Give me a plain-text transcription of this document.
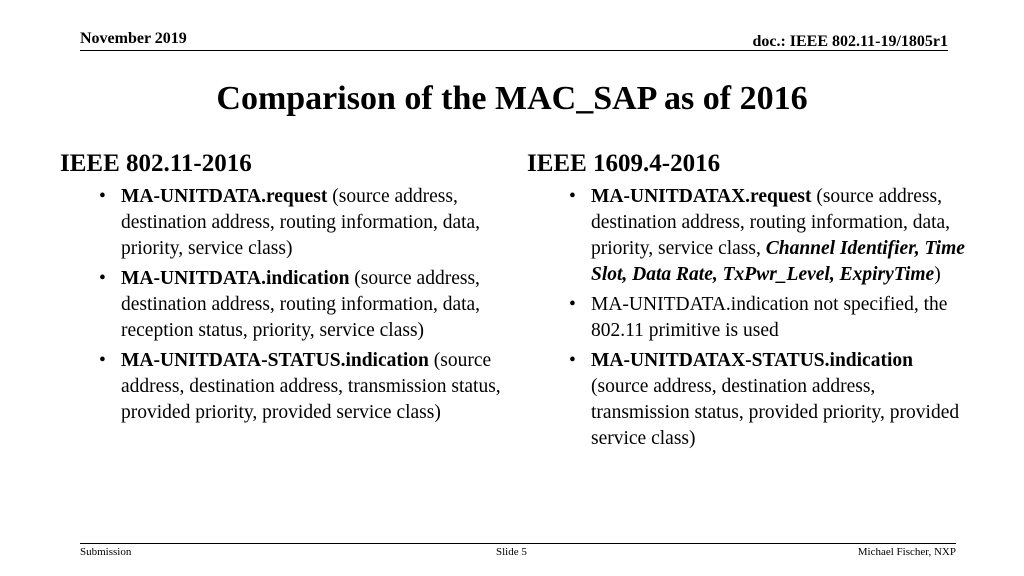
November 2019	doc.: IEEE 802.11-19/1805r1
Comparison of the MAC_SAP as of 2016
IEEE 802.11-2016
• MA-UNITDATA.request (source address, destination address, routing information, data, priority, service class)
• MA-UNITDATA.indication (source address, destination address, routing information, data, reception status, priority, service class)
• MA-UNITDATA-STATUS.indication (source address, destination address, transmission status, provided priority, provided service class)
IEEE 1609.4-2016
• MA-UNITDATAX.request (source address, destination address, routing information, data, priority, service class, Channel Identifier, Time Slot, Data Rate, TxPwr_Level, ExpiryTime)
• MA-UNITDATA.indication not specified, the 802.11 primitive is used
• MA-UNITDATAX-STATUS.indication (source address, destination address, transmission status, provided priority, provided service class)
Submission	Slide 5	Michael Fischer, NXP
